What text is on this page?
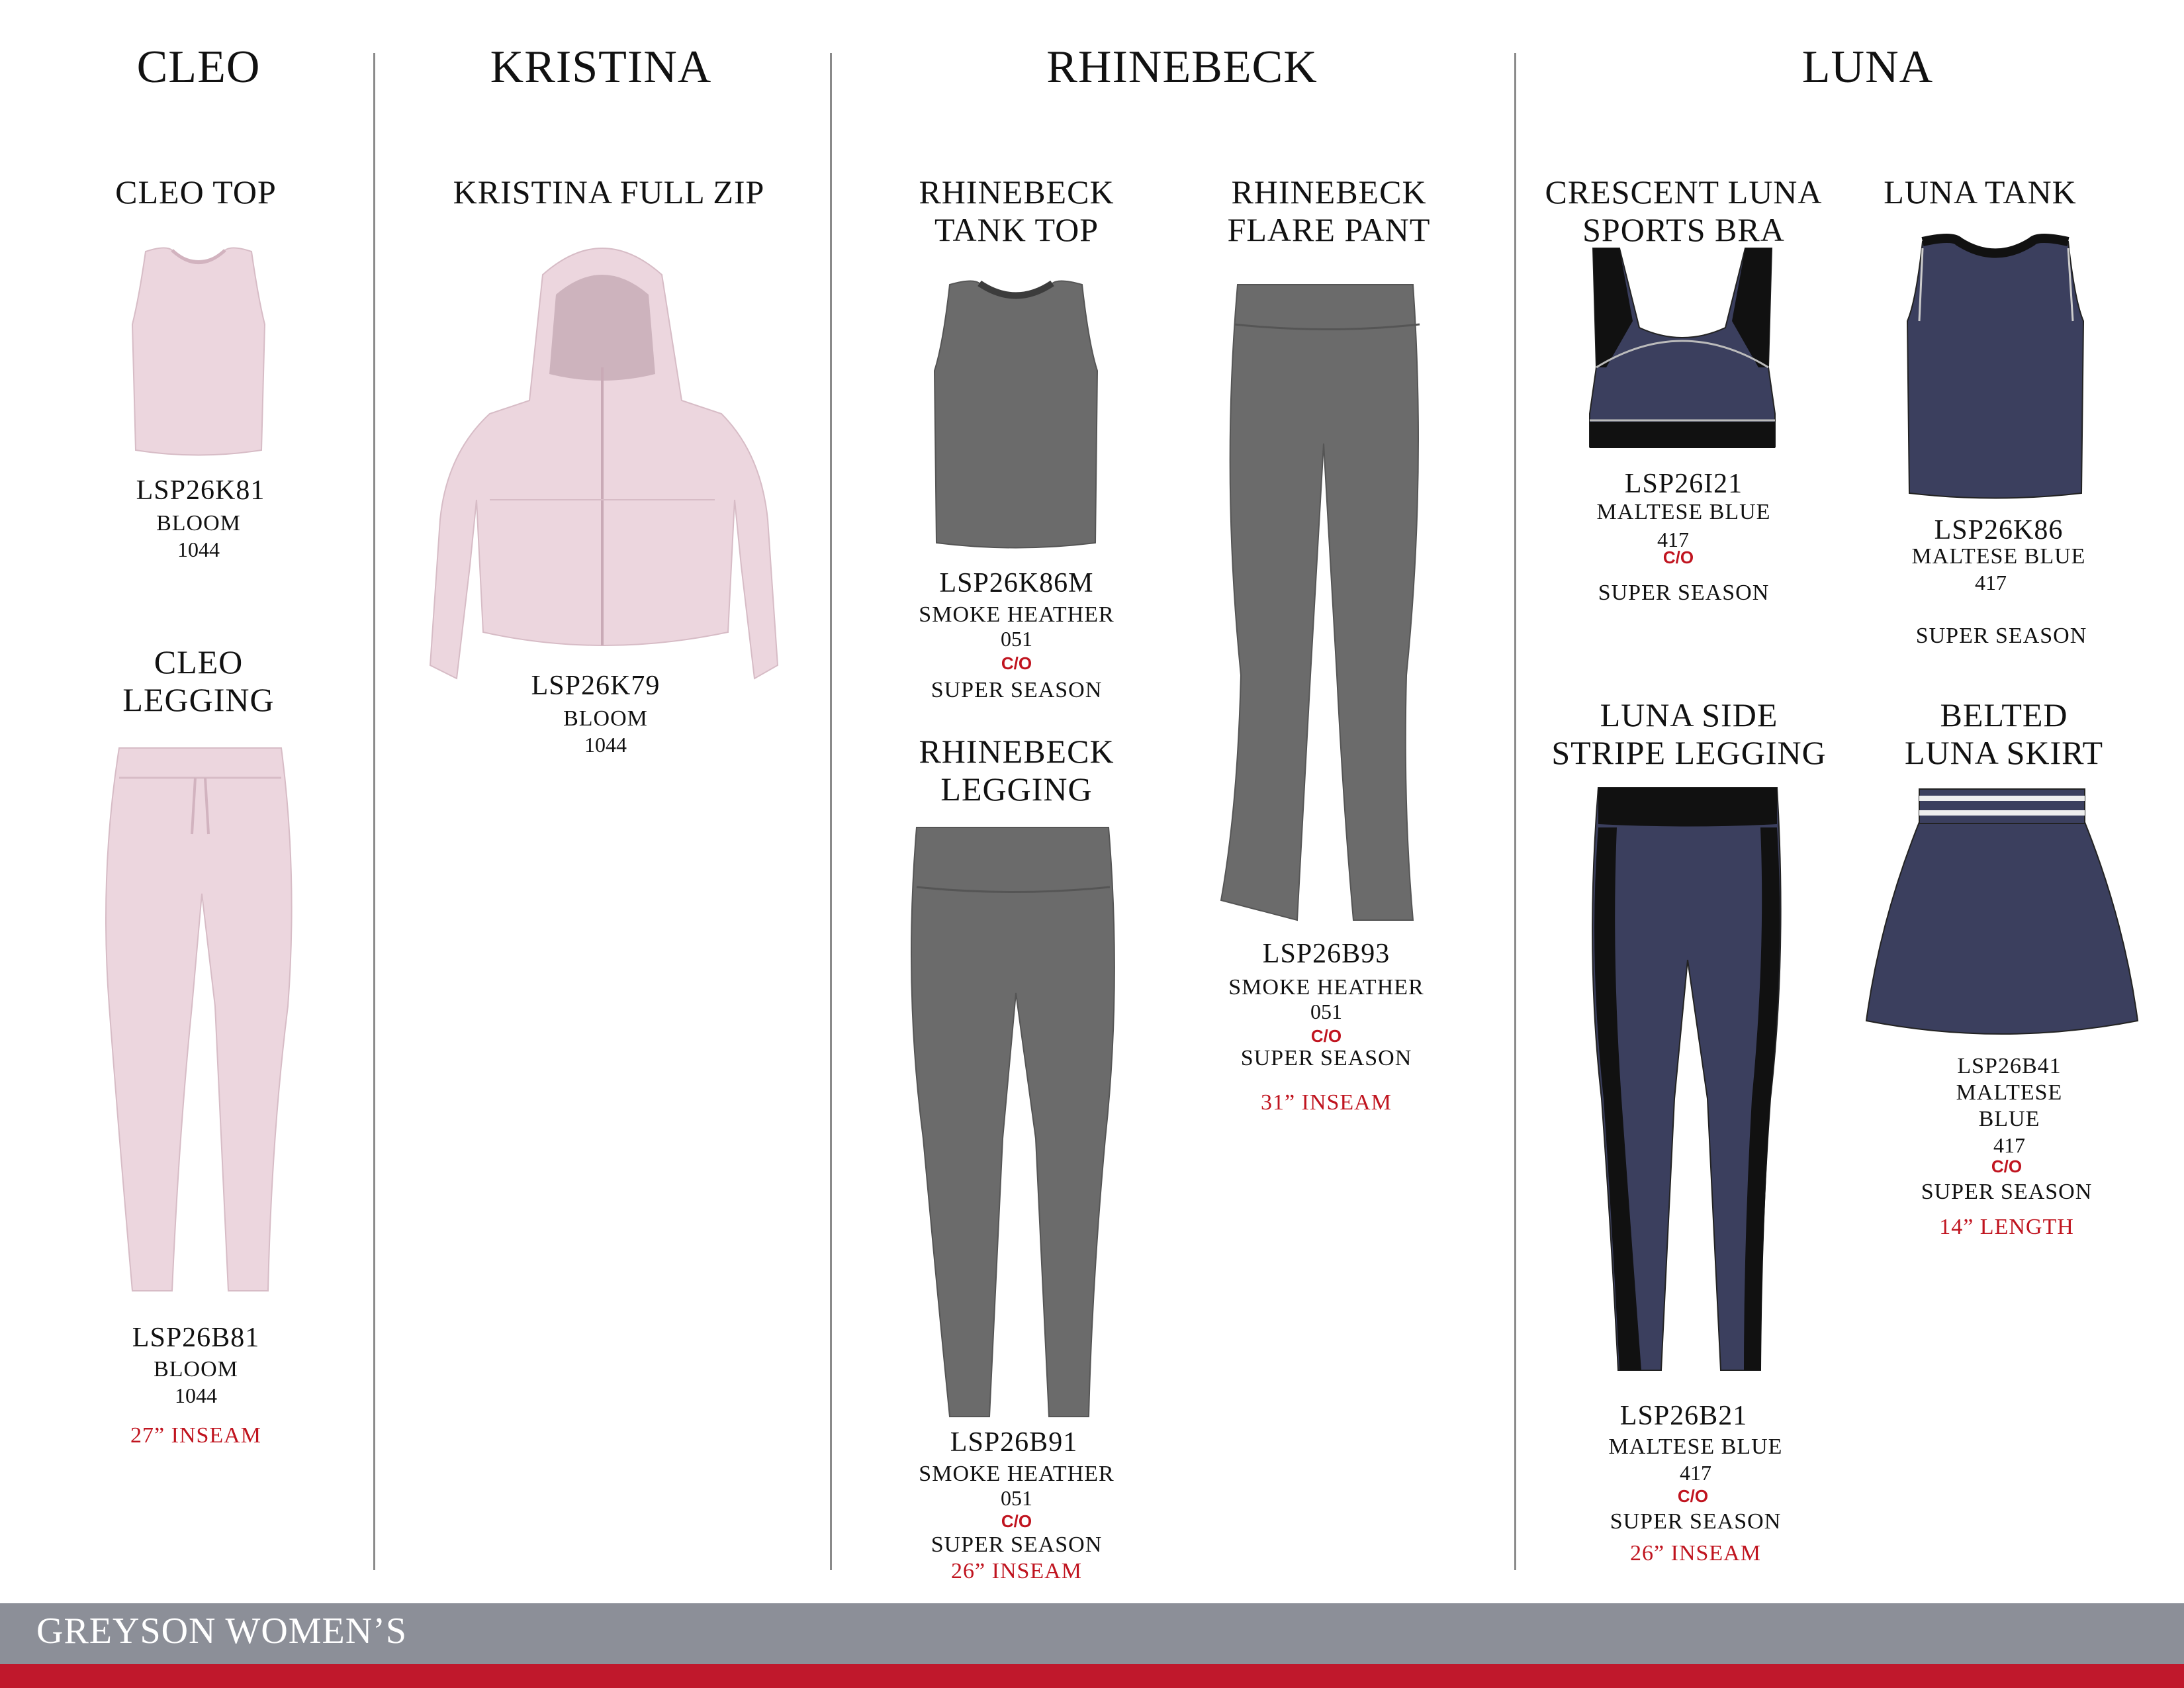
CLEO	KRISTINA	RHINEBECK	LUNA
CLEO TOP
LSP26K81
BLOOM
1044
CLEO
LEGGING
LSP26B81
BLOOM
1044
27” INSEAM
KRISTINA FULL ZIP
LSP26K79
BLOOM
1044
RHINEBECK
TANK TOP
LSP26K86M
SMOKE HEATHER
051
C/O
SUPER SEASON
RHINEBECK
LEGGING
LSP26B91
SMOKE HEATHER
051
C/O
SUPER SEASON
26” INSEAM
RHINEBECK
FLARE PANT
LSP26B93
SMOKE HEATHER
051
C/O
SUPER SEASON
31” INSEAM
CRESCENT LUNA
SPORTS BRA
LSP26I21
MALTESE BLUE
417
C/O
SUPER SEASON
LUNA TANK
LSP26K86
MALTESE BLUE
417
SUPER SEASON
LUNA SIDE
STRIPE LEGGING
LSP26B21
MALTESE BLUE
417
C/O
SUPER SEASON
26” INSEAM
BELTED
LUNA SKIRT
LSP26B41
MALTESE
BLUE
417
C/O
SUPER SEASON
14” LENGTH
GREYSON WOMEN’S
